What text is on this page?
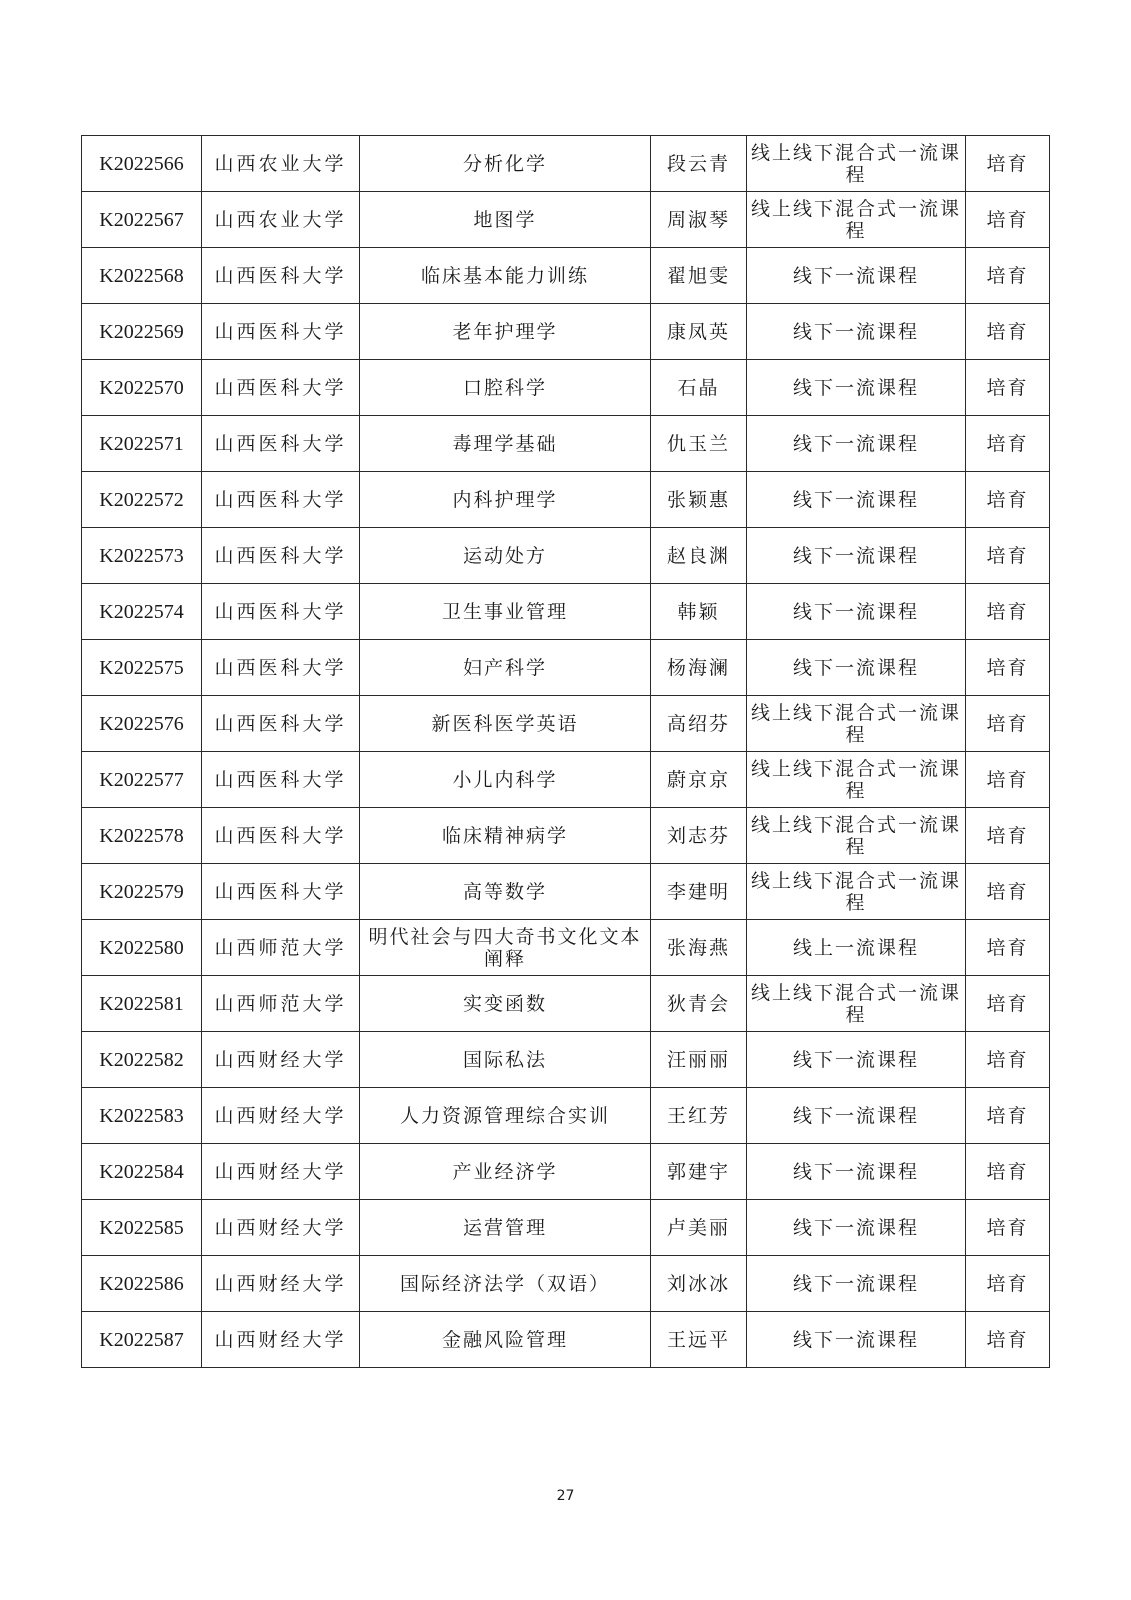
K2022566	山西农业大学	分析化学	段云青	线上线下混合式一流课程	培育
K2022567	山西农业大学	地图学	周淑琴	线上线下混合式一流课程	培育
K2022568	山西医科大学	临床基本能力训练	翟旭雯	线下一流课程	培育
K2022569	山西医科大学	老年护理学	康凤英	线下一流课程	培育
K2022570	山西医科大学	口腔科学	石晶	线下一流课程	培育
K2022571	山西医科大学	毒理学基础	仇玉兰	线下一流课程	培育
K2022572	山西医科大学	内科护理学	张颖惠	线下一流课程	培育
K2022573	山西医科大学	运动处方	赵良渊	线下一流课程	培育
K2022574	山西医科大学	卫生事业管理	韩颖	线下一流课程	培育
K2022575	山西医科大学	妇产科学	杨海澜	线下一流课程	培育
K2022576	山西医科大学	新医科医学英语	高绍芬	线上线下混合式一流课程	培育
K2022577	山西医科大学	小儿内科学	蔚京京	线上线下混合式一流课程	培育
K2022578	山西医科大学	临床精神病学	刘志芬	线上线下混合式一流课程	培育
K2022579	山西医科大学	高等数学	李建明	线上线下混合式一流课程	培育
K2022580	山西师范大学	明代社会与四大奇书文化文本阐释	张海燕	线上一流课程	培育
K2022581	山西师范大学	实变函数	狄青会	线上线下混合式一流课程	培育
K2022582	山西财经大学	国际私法	汪丽丽	线下一流课程	培育
K2022583	山西财经大学	人力资源管理综合实训	王红芳	线下一流课程	培育
K2022584	山西财经大学	产业经济学	郭建宇	线下一流课程	培育
K2022585	山西财经大学	运营管理	卢美丽	线下一流课程	培育
K2022586	山西财经大学	国际经济法学（双语）	刘冰冰	线下一流课程	培育
K2022587	山西财经大学	金融风险管理	王远平	线下一流课程	培育
27
